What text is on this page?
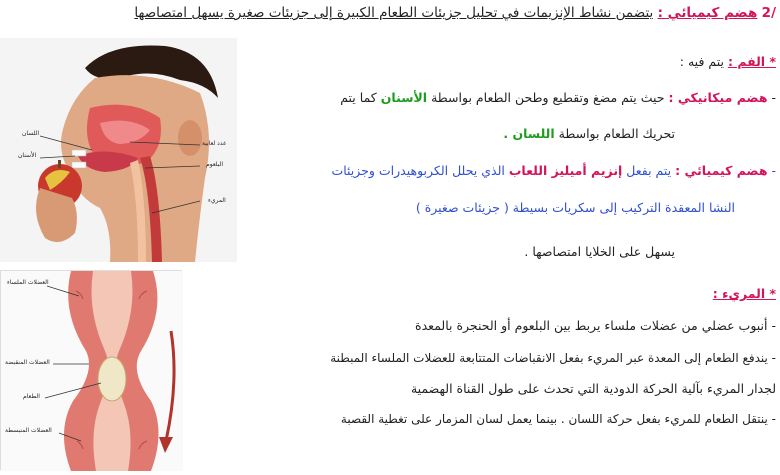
/2 هضم كيميائي : يتضمن نشاط الإنزيمات في تحليل جزيئات الطعام الكبيرة إلى جزيئات صغيرة يسهل امتصاصها
* الفم : يتم فيه :
- هضم ميكانيكي : حيث يتم مضغ وتقطيع وطحن الطعام بواسطة الأسنان كما يتم
تحريك الطعام بواسطة اللسان .
- هضم كيميائي : يتم بفعل إنزيم أميليز اللعاب الذي يحلل الكربوهيدرات وجزيئات
النشا المعقدة التركيب إلى سكريات بسيطة ( جزيئات صغيرة )
يسهل على الخلايا امتصاصها .
* المريء :
- أنبوب عضلي من عضلات ملساء يربط بين البلعوم أو الحنجرة بالمعدة
- يندفع الطعام إلى المعدة عبر المريء بفعل الانقباضات المتتابعة للعضلات الملساء المبطنة
لجدار المريء بآلية الحركة الدودية التي تحدث على طول القناة الهضمية
- ينتقل الطعام للمريء بفعل حركة اللسان . بينما يعمل لسان المزمار على تغطية القصبة
اللسان
الأسنان
غدد لعابية
البلعوم
المريء
العضلات الملساء
العضلات المنقبضة
الطعام
العضلات المنبسطة
